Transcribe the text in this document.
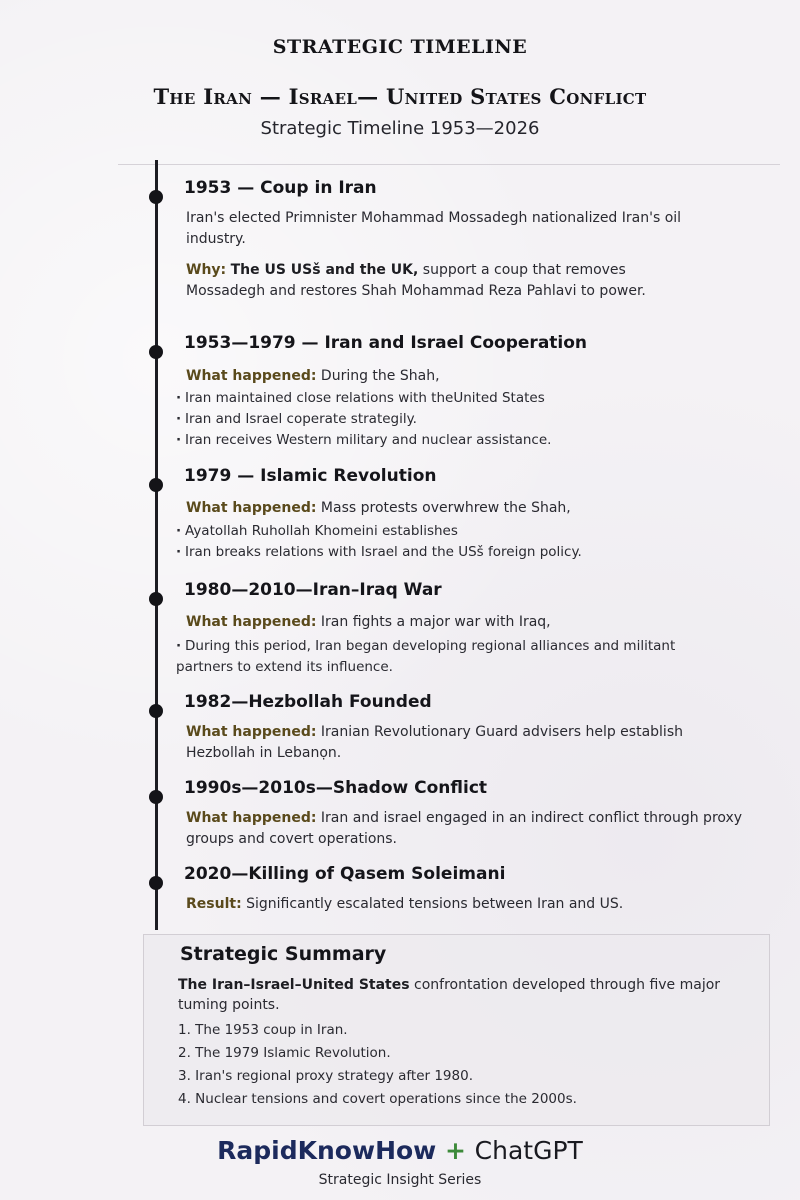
STRATEGIC TIMELINE
The Iran — Israel— United States Conflict
Strategic Timeline 1953—2026
1953 — Coup in Iran
Iran's elected Primnister Mohammad Mossadegh nationalized Iran's oil industry.
Why: The US USš and the UK, support a coup that removes Mossadegh and restores Shah Mohammad Reza Pahlavi to power.
1953—1979 — Iran and Israel Cooperation
What happened: During the Shah,
· Iran maintained close relations with theUnited States
· Iran and Israel coperate strategily.
· Iran receives Western military and nuclear assistance.
1979 — Islamic Revolution
What happened: Mass protests overwhrew the Shah,
· Ayatollah Ruhollah Khomeini establishes
· Iran breaks relations with Israel and the USš foreign policy.
1980—2010—Iran–Iraq War
What happened: Iran fights a major war with Iraq,
· During this period, Iran began developing regional alliances and militant partners to extend its influence.
1982—Hezbollah Founded
What happened: Iranian Revolutionary Guard advisers help establish Hezbollah in Lebanọn.
1990s—2010s—Shadow Conflict
What happened: Iran and israel engaged in an indirect conflict through proxy groups and covert operations.
2020—Killing of Qasem Soleimani
Result: Significantly escalated tensions between Iran and US.
Strategic Summary
The Iran–Israel–United States confrontation developed through five major tuming points.
1. The 1953 coup in Iran.
2. The 1979 Islamic Revolution.
3. Iran's regional proxy strategy after 1980.
4. Nuclear tensions and covert operations since the 2000s.
RapidKnowHow + ChatGPT
Strategic Insight Series
